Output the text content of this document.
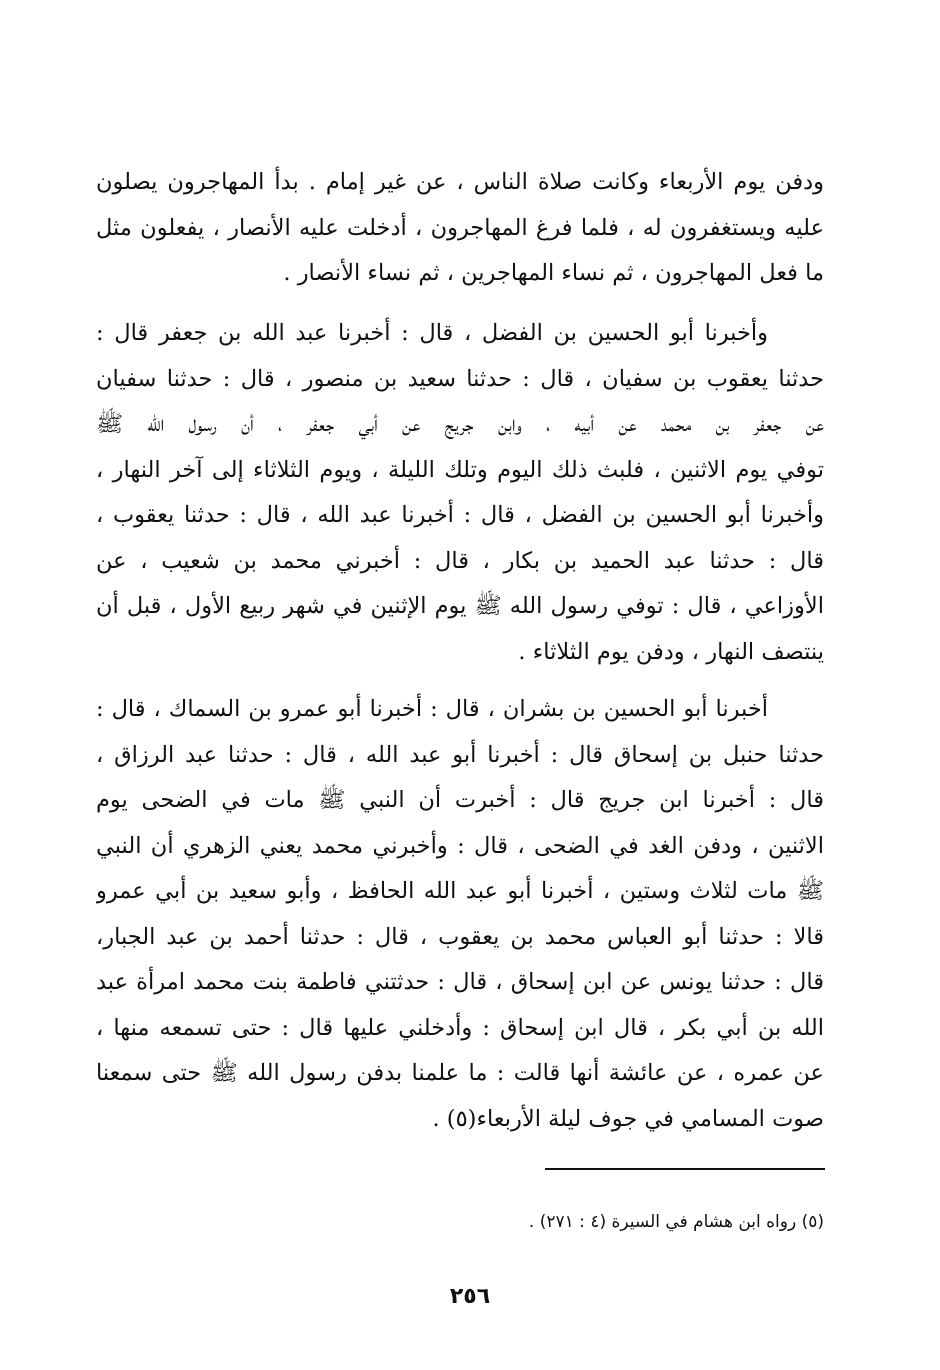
ودفن يوم الأربعاء وكانت صلاة الناس ، عن غير إمام . بدأ المهاجرون يصلون
عليه ويستغفرون له ، فلما فرغ المهاجرون ، أدخلت عليه الأنصار ، يفعلون مثل
ما فعل المهاجرون ، ثم نساء المهاجرين ، ثم نساء الأنصار .
وأخبرنا أبو الحسين بن الفضل ، قال : أخبرنا عبد الله بن جعفر قال :
حدثنا يعقوب بن سفيان ، قال : حدثنا سعيد بن منصور ، قال : حدثنا سفيان
عن جعفر بن محمد عن أبيه ، وابن جريج عن أبي جعفر ، أن رسول الله ﷺ
توفي يوم الاثنين ، فلبث ذلك اليوم وتلك الليلة ، ويوم الثلاثاء إلى آخر النهار ،
وأخبرنا أبو الحسين بن الفضل ، قال : أخبرنا عبد الله ، قال : حدثنا يعقوب ،
قال : حدثنا عبد الحميد بن بكار ، قال : أخبرني محمد بن شعيب ، عن
الأوزاعي ، قال : توفي رسول الله ﷺ يوم الإثنين في شهر ربيع الأول ، قبل أن
ينتصف النهار ، ودفن يوم الثلاثاء .
أخبرنا أبو الحسين بن بشران ، قال : أخبرنا أبو عمرو بن السماك ، قال :
حدثنا حنبل بن إسحاق قال : أخبرنا أبو عبد الله ، قال : حدثنا عبد الرزاق ،
قال : أخبرنا ابن جريج قال : أخبرت أن النبي ﷺ مات في الضحى يوم
الاثنين ، ودفن الغد في الضحى ، قال : وأخبرني محمد يعني الزهري أن النبي
ﷺ مات لثلاث وستين ، أخبرنا أبو عبد الله الحافظ ، وأبو سعيد بن أبي عمرو
قالا : حدثنا أبو العباس محمد بن يعقوب ، قال : حدثنا أحمد بن عبد الجبار،
قال : حدثنا يونس عن ابن إسحاق ، قال : حدثتني فاطمة بنت محمد امرأة عبد
الله بن أبي بكر ، قال ابن إسحاق : وأدخلني عليها قال : حتى تسمعه منها ،
عن عمره ، عن عائشة أنها قالت : ما علمنا بدفن رسول الله ﷺ حتى سمعنا
صوت المسامي في جوف ليلة الأربعاء(٥) .
(٥) رواه ابن هشام في السيرة (٤ : ٢٧١) .
٢٥٦
